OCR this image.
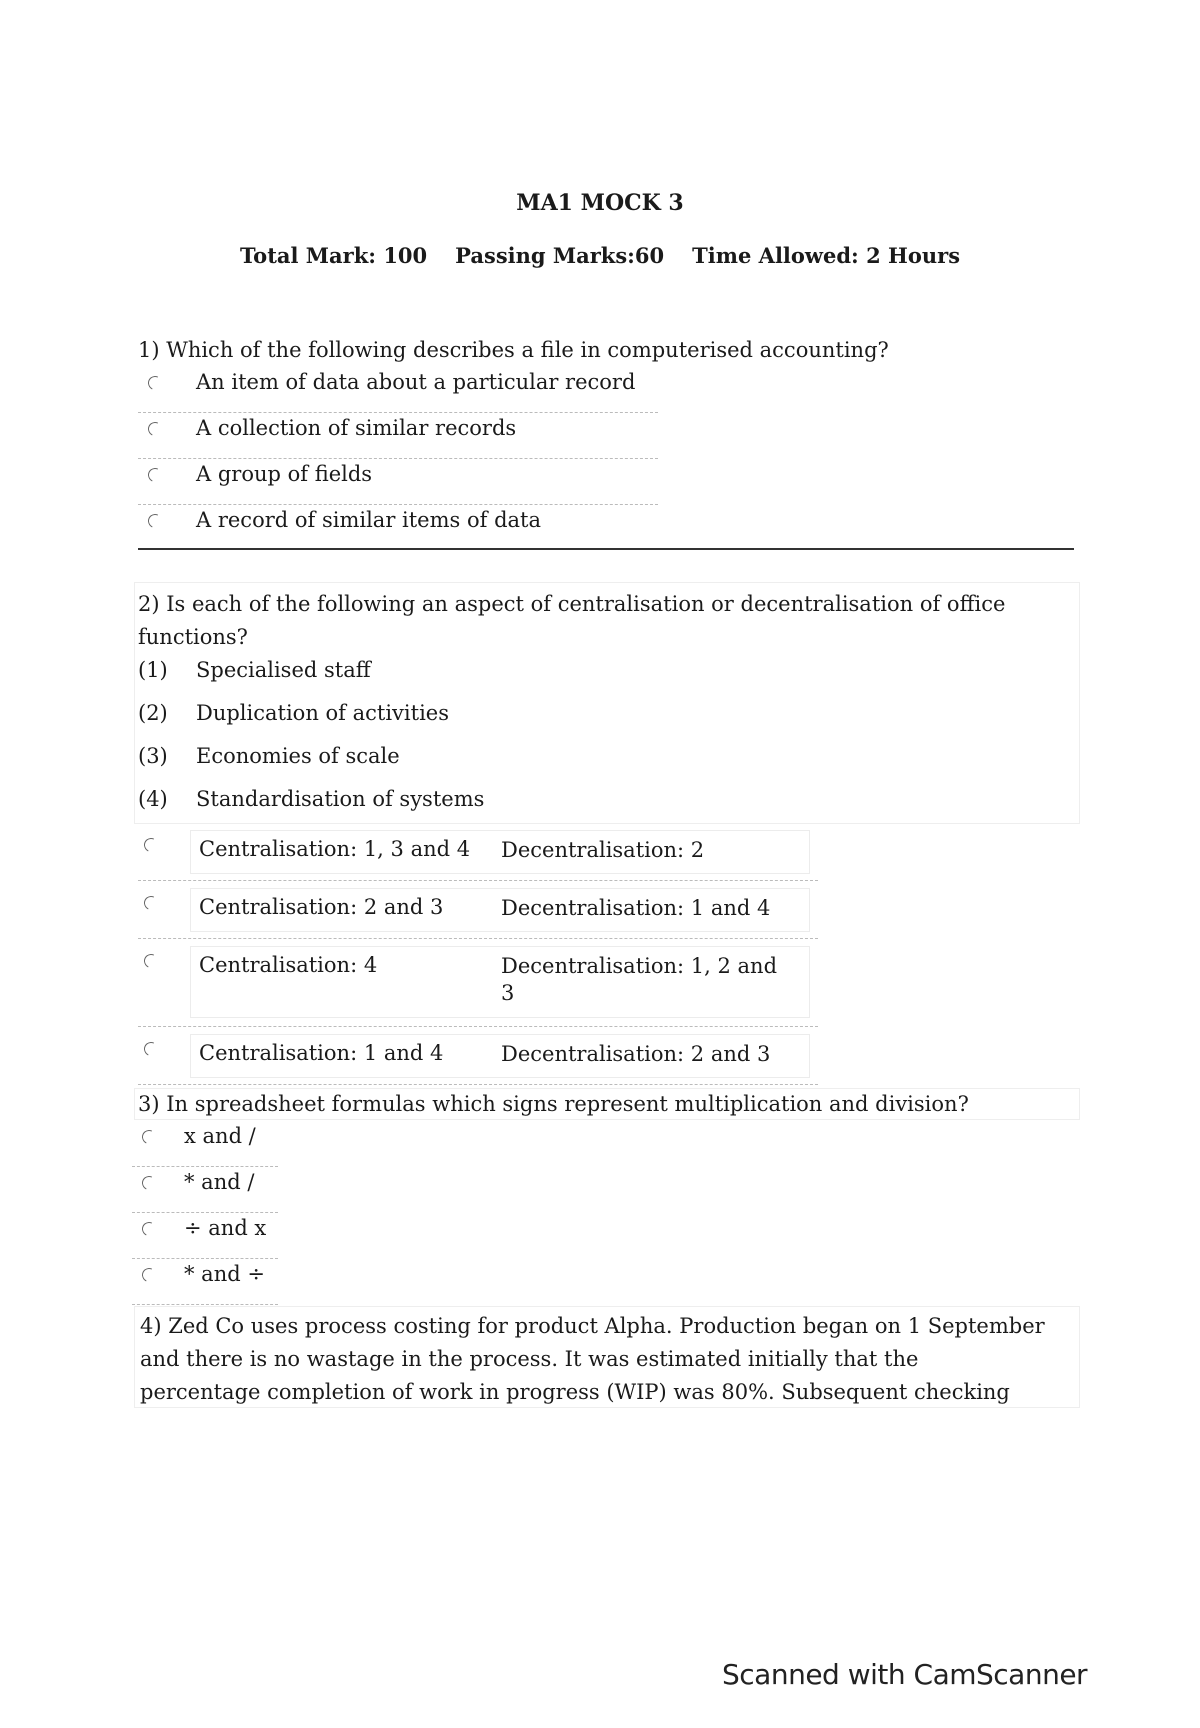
MA1 MOCK 3
Total Mark: 100 Passing Marks:60 Time Allowed: 2 Hours
1) Which of the following describes a file in computerised accounting?
An item of data about a particular record
A collection of similar records
A group of fields
A record of similar items of data
2) Is each of the following an aspect of centralisation or decentralisation of office
functions?
(1) Specialised staff
(2) Duplication of activities
(3) Economies of scale
(4) Standardisation of systems
Centralisation: 1, 3 and 4	Decentralisation: 2
Centralisation: 2 and 3	Decentralisation: 1 and 4
Centralisation: 4	Decentralisation: 1, 2 and 3
Centralisation: 1 and 4	Decentralisation: 2 and 3
3) In spreadsheet formulas which signs represent multiplication and division?
x and /
* and /
÷ and x
* and ÷
4) Zed Co uses process costing for product Alpha. Production began on 1 September
and there is no wastage in the process. It was estimated initially that the
percentage completion of work in progress (WIP) was 80%. Subsequent checking
Scanned with CamScanner
